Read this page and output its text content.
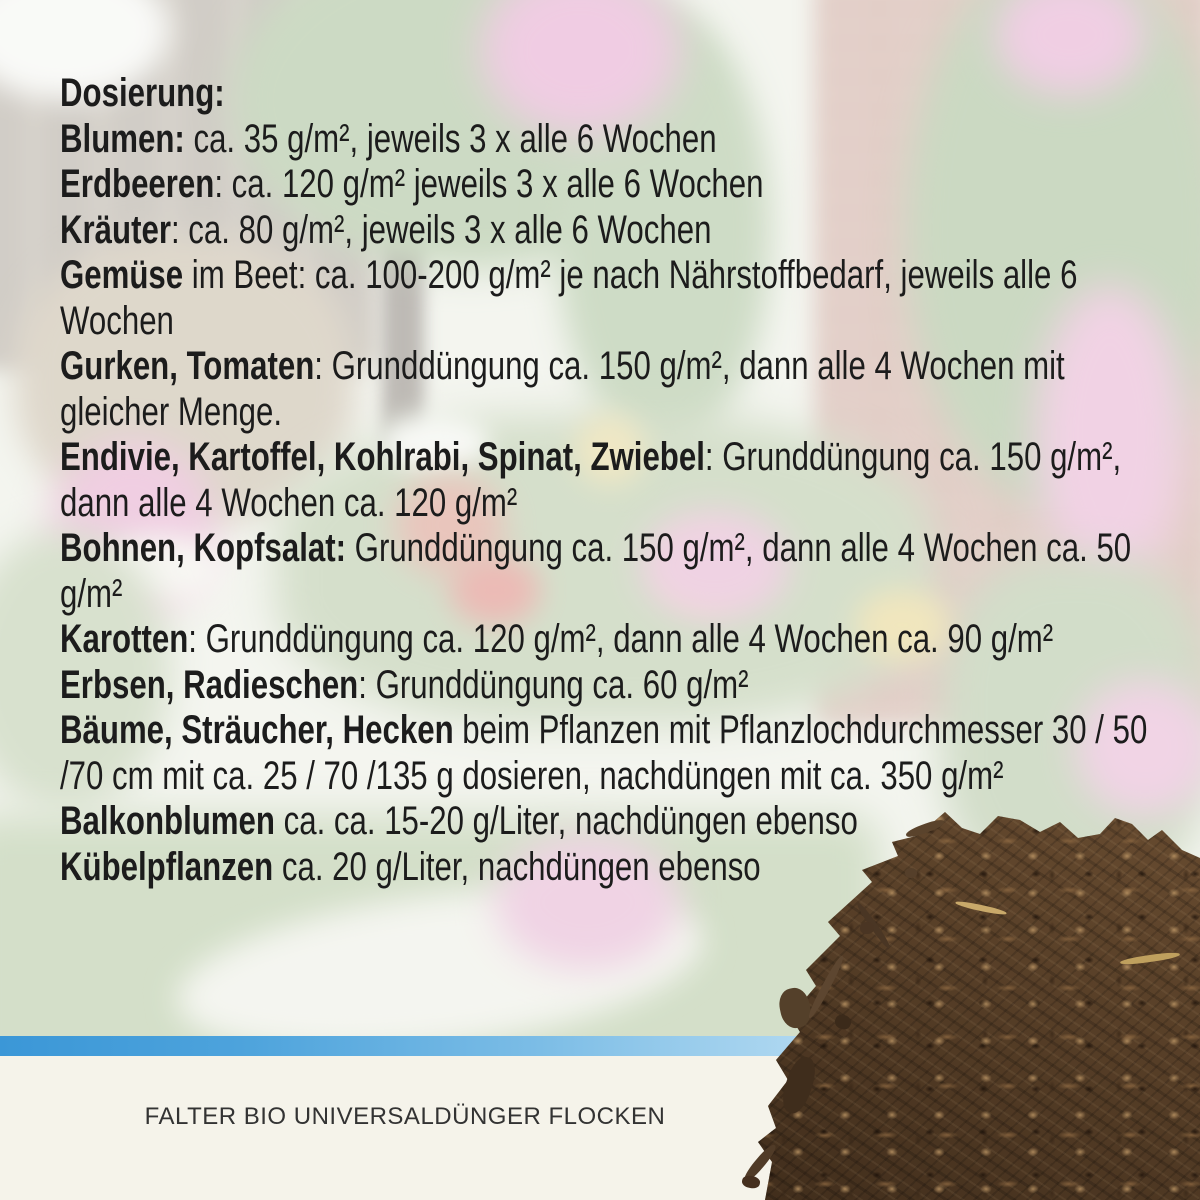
Dosierung:

Blumen: ca. 35 g/m², jeweils 3 x alle 6 Wochen

Erdbeeren: ca. 120 g/m² jeweils 3 x alle 6 Wochen

Kräuter: ca. 80 g/m², jeweils 3 x alle 6 Wochen

Gemüse im Beet: ca. 100-200 g/m² je nach Nährstoffbedarf, jeweils alle 6 Wochen

Gurken, Tomaten: Grunddüngung ca. 150 g/m², dann alle 4 Wochen mit gleicher Menge.

Endivie, Kartoffel, Kohlrabi, Spinat, Zwiebel: Grunddüngung ca. 150 g/m², dann alle 4 Wochen ca. 120 g/m²

Bohnen, Kopfsalat: Grunddüngung ca. 150 g/m², dann alle 4 Wochen ca. 50 g/m²

Karotten: Grunddüngung ca. 120 g/m², dann alle 4 Wochen ca. 90 g/m²

Erbsen, Radieschen: Grunddüngung ca. 60 g/m²

Bäume, Sträucher, Hecken beim Pflanzen mit Pflanzlochdurchmesser 30 / 50 /70 cm mit ca. 25 / 70 /135 g dosieren, nachdüngen mit ca. 350 g/m²

Balkonblumen ca. ca. 15-20 g/Liter, nachdüngen ebenso

Kübelpflanzen ca. 20 g/Liter, nachdüngen ebenso

FALTER BIO UNIVERSALDÜNGER FLOCKEN
